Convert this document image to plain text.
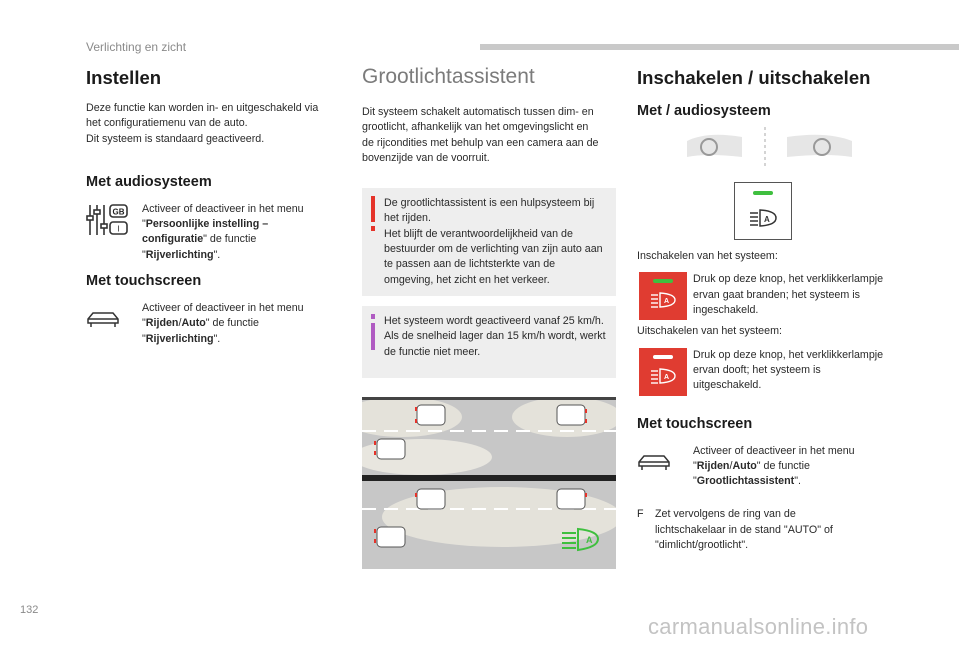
Verlichting en zicht
Instellen

Deze functie kan worden in- en uitgeschakeld via het configuratiemenu van de auto.

Dit systeem is standaard geactiveerd.

Met audiosysteem
GB
I

Activeer of deactiveer in het menu "Persoonlijke instelling – configuratie" de functie "Rijverlichting".

Met touchscreen

Activeer of deactiveer in het menu "Rijden/Auto" de functie "Rijverlichting".

Grootlichtassistent

Dit systeem schakelt automatisch tussen dim- en grootlicht, afhankelijk van het omgevingslicht en de rijcondities met behulp van een camera aan de bovenzijde van de voorruit.

De grootlichtassistent is een hulpsysteem bij het rijden.
Het blijft de verantwoordelijkheid van de bestuurder om de verlichting van zijn auto aan te passen aan de lichtsterkte van de omgeving, het zicht en het verkeer.
Het systeem wordt geactiveerd vanaf 25 km/h.
Als de snelheid lager dan 15 km/h wordt, werkt de functie niet meer.
A
Inschakelen / uitschakelen
Met / audiosysteem
A

Inschakelen van het systeem:

A

Druk op deze knop, het verklikkerlampje ervan gaat branden; het systeem is ingeschakeld.

Uitschakelen van het systeem:

A

Druk op deze knop, het verklikkerlampje ervan dooft; het systeem is uitgeschakeld.

Met touchscreen

Activeer of deactiveer in het menu "Rijden/Auto" de functie "Grootlichtassistent".

F	Zet vervolgens de ring van de lichtschakelaar in de stand "AUTO" of "dimlicht/grootlicht".

132
carmanualsonline.info
